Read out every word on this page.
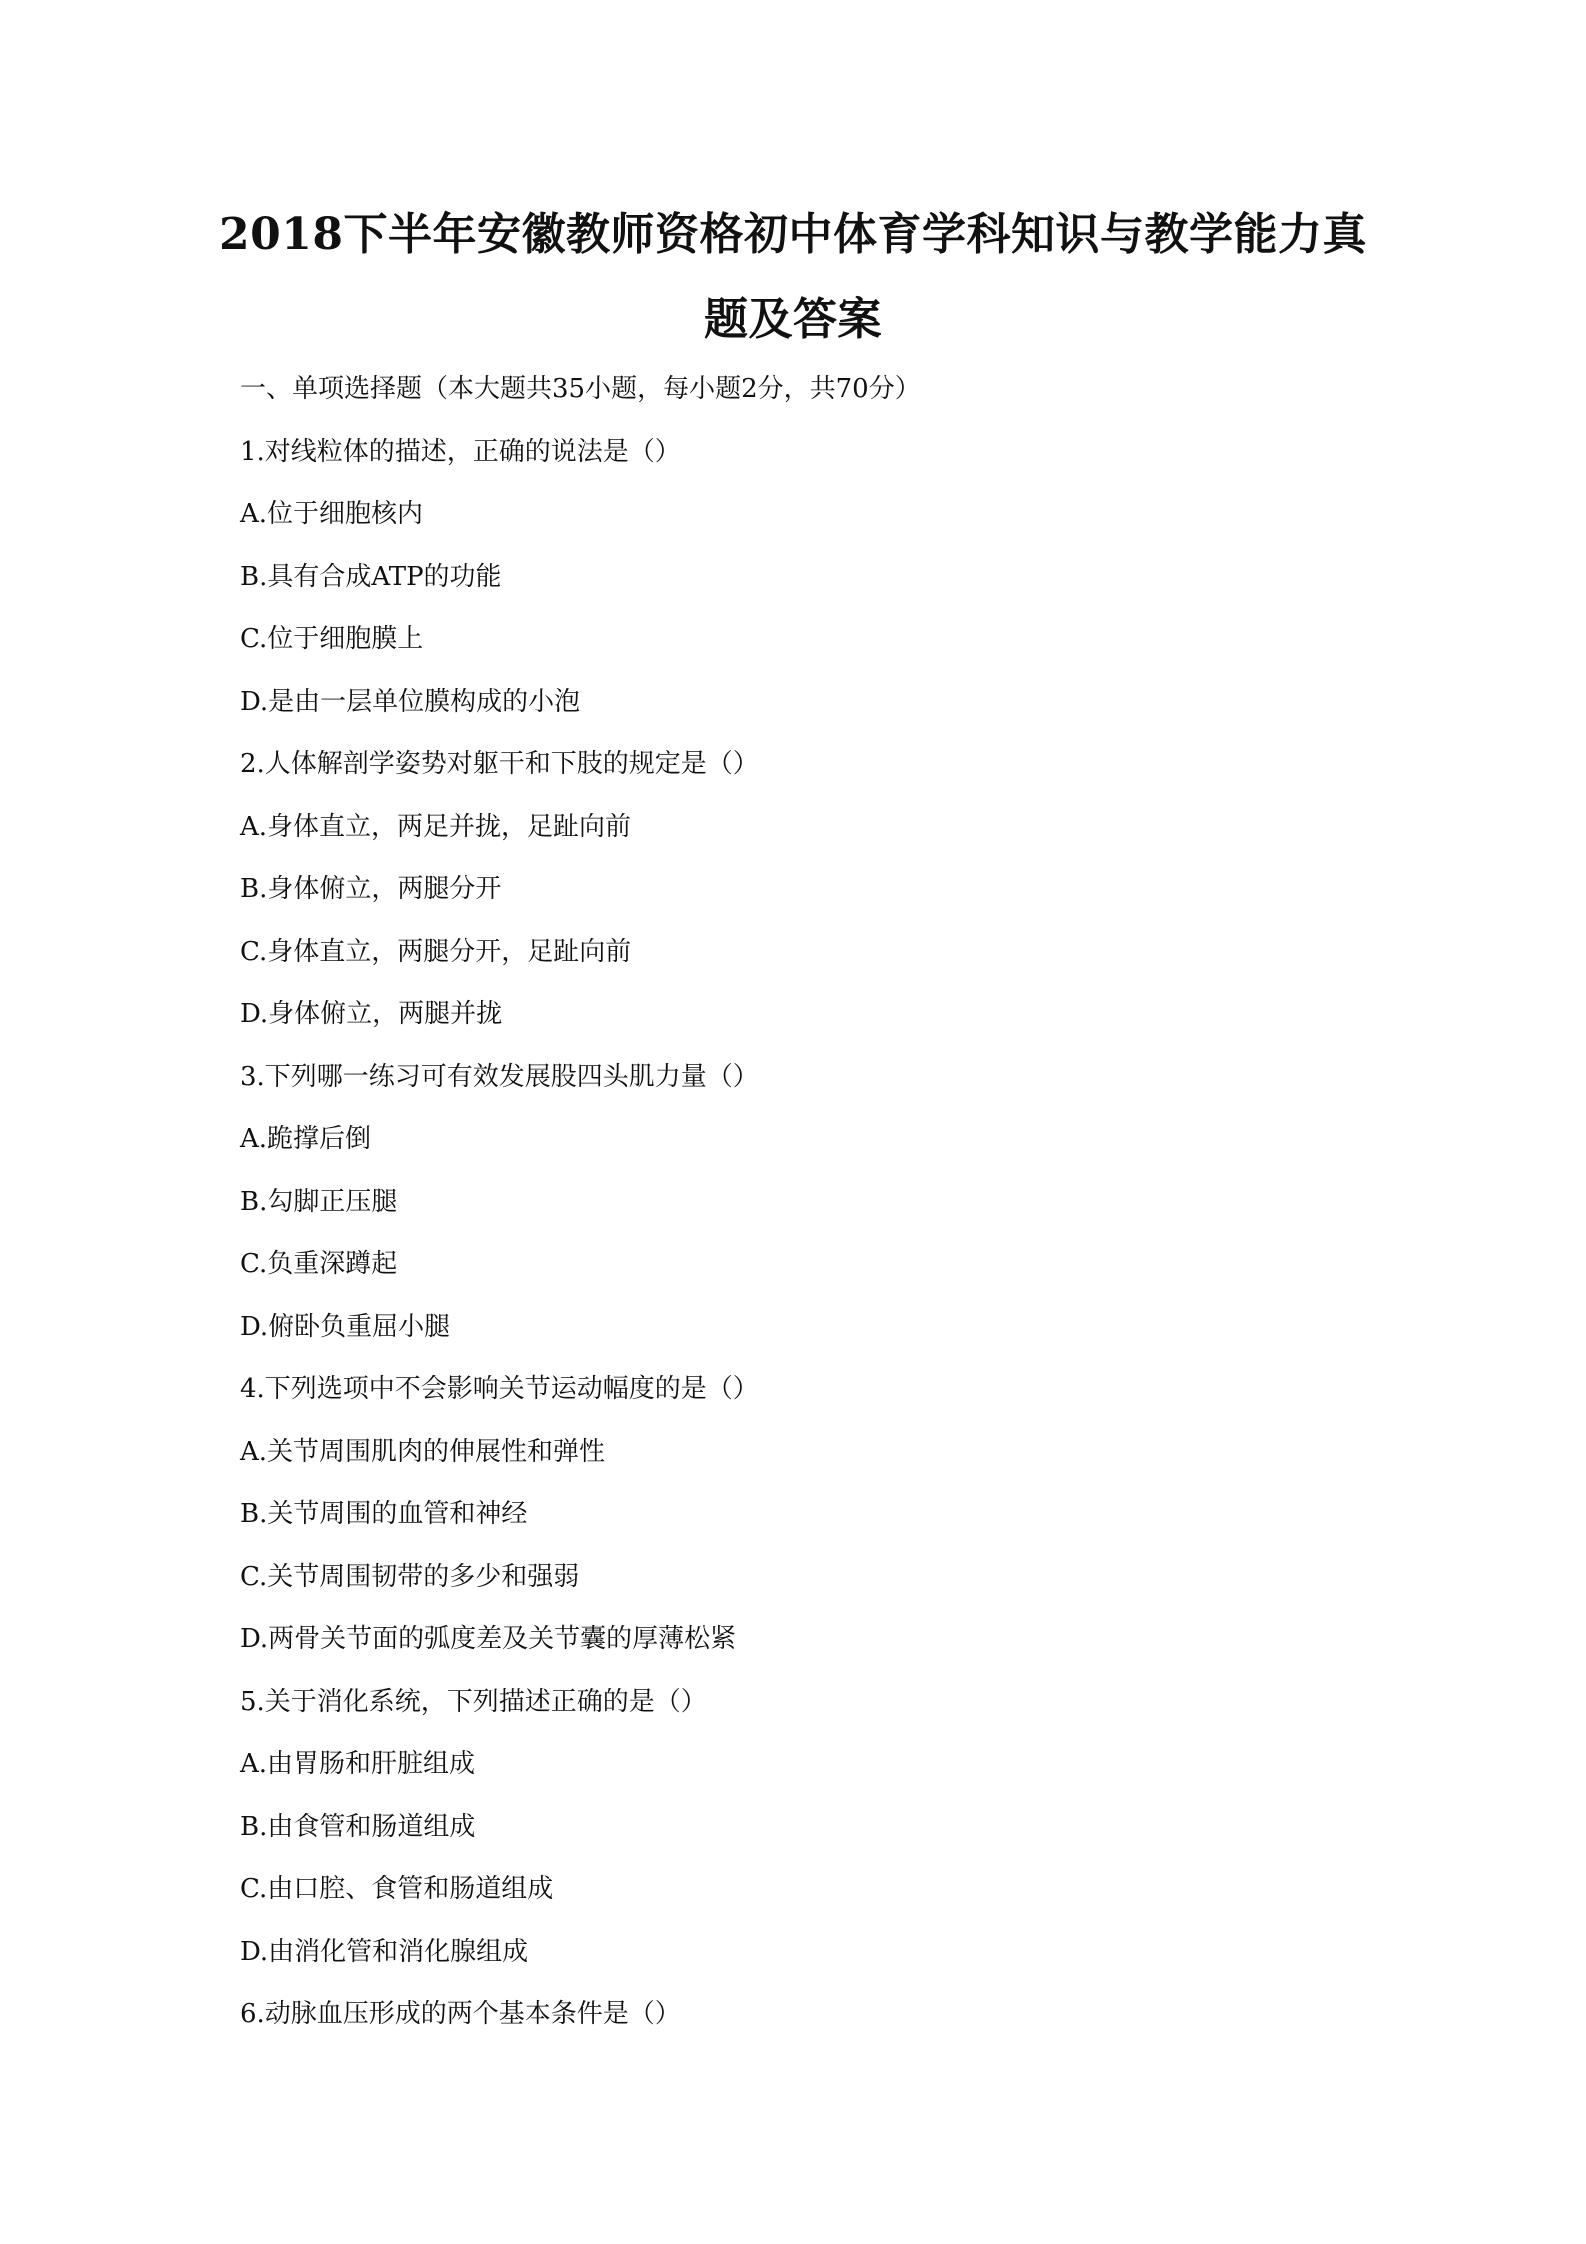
2018下半年安徽教师资格初中体育学科知识与教学能力真
题及答案
一、单项选择题（本大题共35小题，每小题2分，共70分）
1.对线粒体的描述，正确的说法是（）
A.位于细胞核内
B.具有合成ATP的功能
C.位于细胞膜上
D.是由一层单位膜构成的小泡
2.人体解剖学姿势对躯干和下肢的规定是（）
A.身体直立，两足并拢，足趾向前
B.身体俯立，两腿分开
C.身体直立，两腿分开，足趾向前
D.身体俯立，两腿并拢
3.下列哪一练习可有效发展股四头肌力量（）
A.跪撑后倒
B.勾脚正压腿
C.负重深蹲起
D.俯卧负重屈小腿
4.下列选项中不会影响关节运动幅度的是（）
A.关节周围肌肉的伸展性和弹性
B.关节周围的血管和神经
C.关节周围韧带的多少和强弱
D.两骨关节面的弧度差及关节囊的厚薄松紧
5.关于消化系统，下列描述正确的是（）
A.由胃肠和肝脏组成
B.由食管和肠道组成
C.由口腔、食管和肠道组成
D.由消化管和消化腺组成
6.动脉血压形成的两个基本条件是（）
